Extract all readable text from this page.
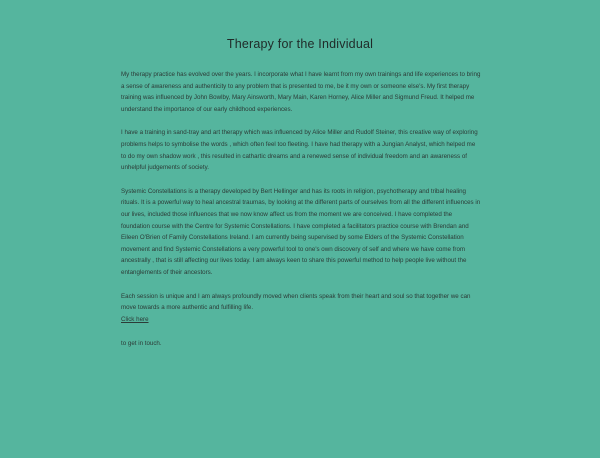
Therapy for the Individual

My therapy practice has evolved over the years. I incorporate what I have learnt from my own trainings and life experiences to bring a sense of awareness and authenticity to any problem that is presented to me, be it my own or someone else's. My first therapy training was influenced by John Bowlby, Mary Ainsworth, Mary Main, Karen Horney, Alice Miller and Sigmund Freud. It helped me understand the importance of our early childhood experiences.

I have a training in sand-tray and art therapy which was influenced by Alice Miller and Rudolf Steiner, this creative way of exploring problems helps to symbolise the words , which often feel too fleeting. I have had therapy with a Jungian Analyst, which helped me to do my own shadow work , this resulted in cathartic dreams and a renewed sense of individual freedom and an awareness of unhelpful judgements of society.

Systemic Constellations is a therapy developed by Bert Hellinger and has its roots in religion, psychotherapy and tribal healing rituals. It is a powerful way to heal ancestral traumas, by looking at the different parts of ourselves from all the different influences in our lives, included those influences that we now know affect us from the moment we are conceived. I have completed the foundation course with the Centre for Systemic Constellations. I have completed a facilitators practice course with Brendan and Eileen O'Brien of Family Constellations Ireland. I am currently being supervised by some Elders of the Systemic Constellation movement and find Systemic Constellations a very powerful tool to one's own discovery of self and where we have come from ancestrally , that is still affecting our lives today. I am always keen to share this powerful method to help people live without the entanglements of their ancestors.

Each session is unique and I am always profoundly moved when clients speak from their heart and soul so that together we can move towards a more authentic and fulfilling life.

Click here
to get in touch.
